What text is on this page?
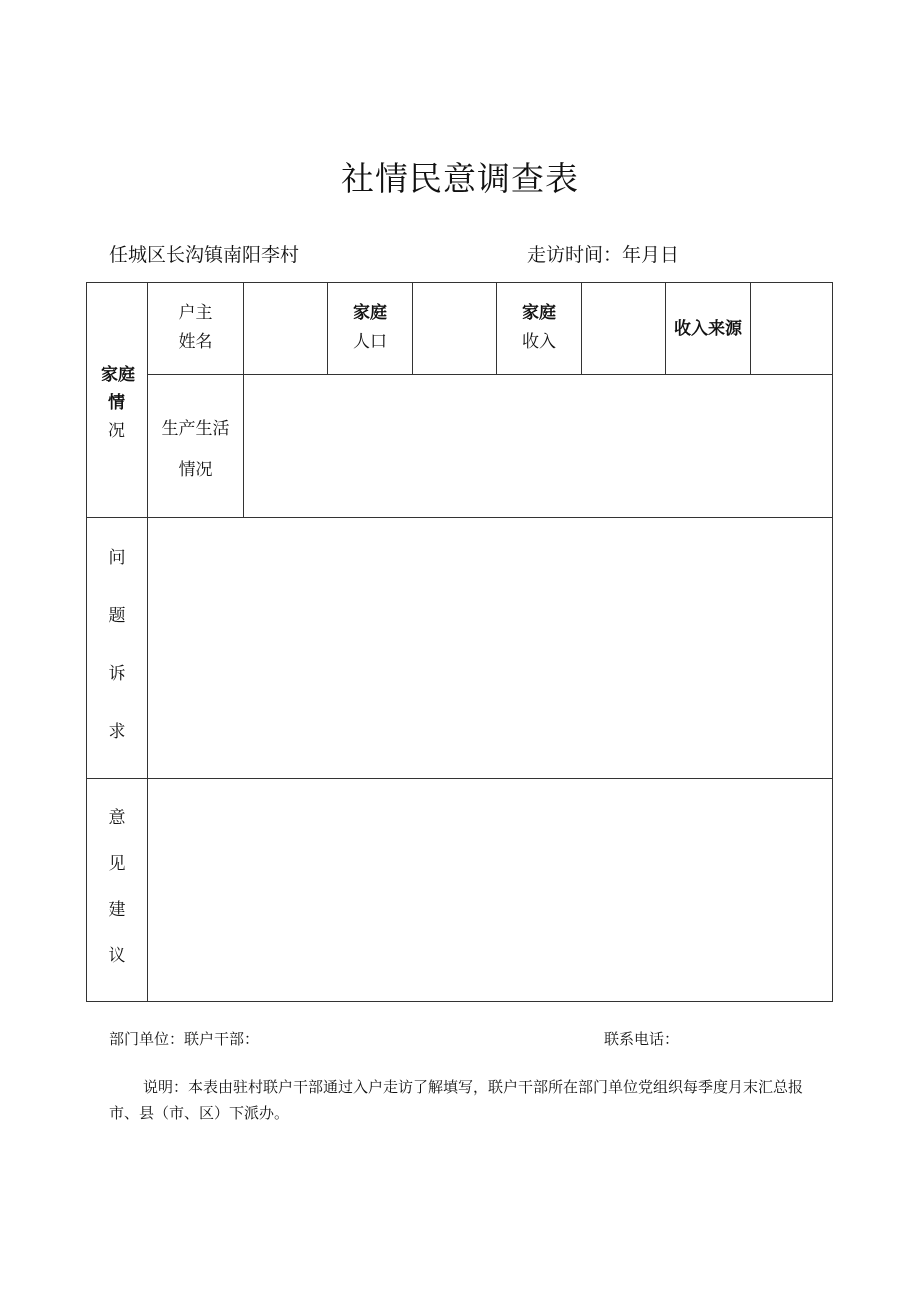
社情民意调查表
任城区长沟镇南阳李村	走访时间：年月日
家庭
情
况
户主
姓名
家庭
人口
家庭
收入
收入来源
生产生活
情况
问
题
诉
求
意
见
建
议
部门单位：联户干部：	联系电话：
说明：本表由驻村联户干部通过入户走访了解填写，联户干部所在部门单位党组织每季度月末汇总报市、县（市、区）下派办。
